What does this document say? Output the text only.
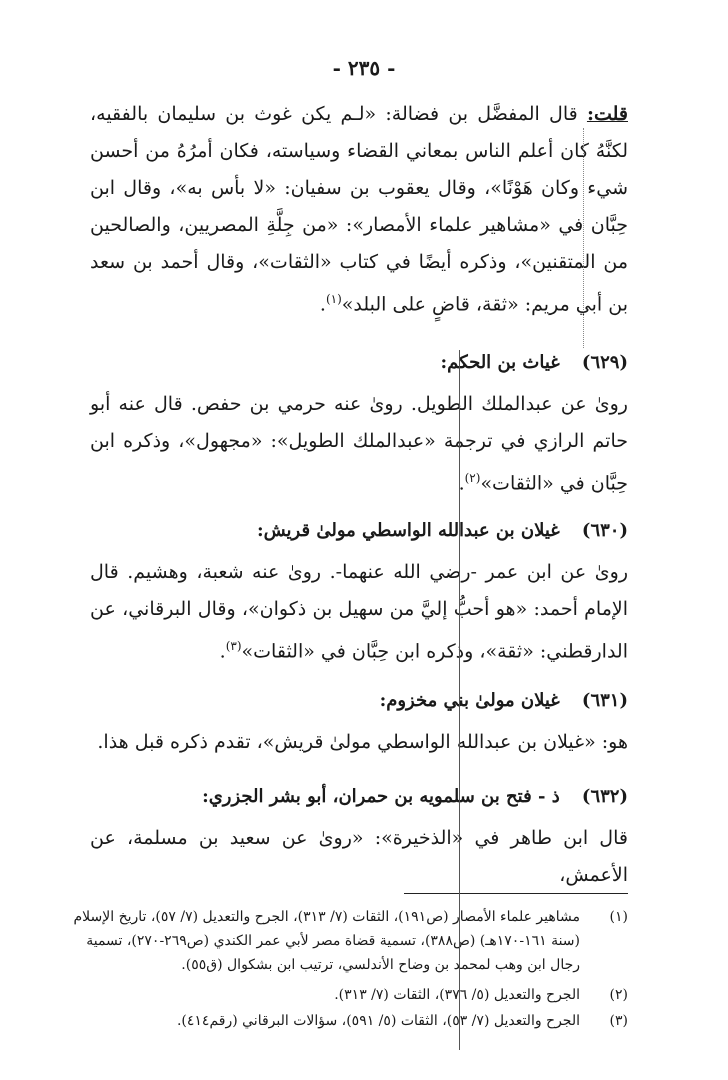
- ٢٣٥ -

قلت: قال المفضَّل بن فضالة: «لـم يكن غوث بن سليمان بالفقيه، لكنَّهُ كان أعلم الناس بمعاني القضاء وسياسته، فكان أمرُهُ من أحسن شيء وكان هَوْنًا»، وقال يعقوب بن سفيان: «لا بأس به»، وقال ابن حِبَّان في «مشاهير علماء الأمصار»: «من جِلَّةِ المصريين، والصالحين من المتقنين»، وذكره أيضًا في كتاب «الثقات»، وقال أحمد بن سعد بن أبي مريم: «ثقة، قاضٍ على البلد»$^{(١)}$.

(٦٢٩) غياث بن الحكم:

روىٰ عن عبدالملك الطويل. روىٰ عنه حرمي بن حفص. قال عنه أبو حاتم الرازي في ترجمة «عبدالملك الطويل»: «مجهول»، وذكره ابن حِبَّان في «الثقات»$^{(٢)}$.

(٦٣٠) غيلان بن عبدالله الواسطي مولىٰ قريش:

روىٰ عن ابن عمر -رضي الله عنهما-. روىٰ عنه شعبة، وهشيم. قال الإمام أحمد: «هو أحبُّ إليَّ من سهيل بن ذكوان»، وقال البرقاني، عن الدارقطني: «ثقة»، وذكره ابن حِبَّان في «الثقات»$^{(٣)}$.

(٦٣١) غيلان مولىٰ بني مخزوم:

هو: «غيلان بن عبدالله الواسطي مولىٰ قريش»، تقدم ذكره قبل هذا.

(٦٣٢) ذ - فتح بن سلمويه بن حمران، أبو بشر الجزري:

قال ابن طاهر في «الذخيرة»: «روىٰ عن سعيد بن مسلمة، عن الأعمش،

(١)مشاهير علماء الأمصار (ص١٩١)، الثقات (٧/ ٣١٣)، الجرح والتعديل (٧/ ٥٧)، تاريخ الإسلام

(سنة ١٦١-١٧٠هـ) (ص٣٨٨)، تسمية قضاة مصر لأبي عمر الكندي (ص٢٦٩-٢٧٠)، تسمية

رجال ابن وهب لمحمد بن وضاح الأندلسي، ترتيب ابن بشكوال (ق٥٥).

(٢)الجرح والتعديل (٥/ ٣٧٦)، الثقات (٧/ ٣١٣).

(٣)الجرح والتعديل (٧/ ٥٣)، الثقات (٥/ ٥٩١)، سؤالات البرقاني (رقم٤١٤).
